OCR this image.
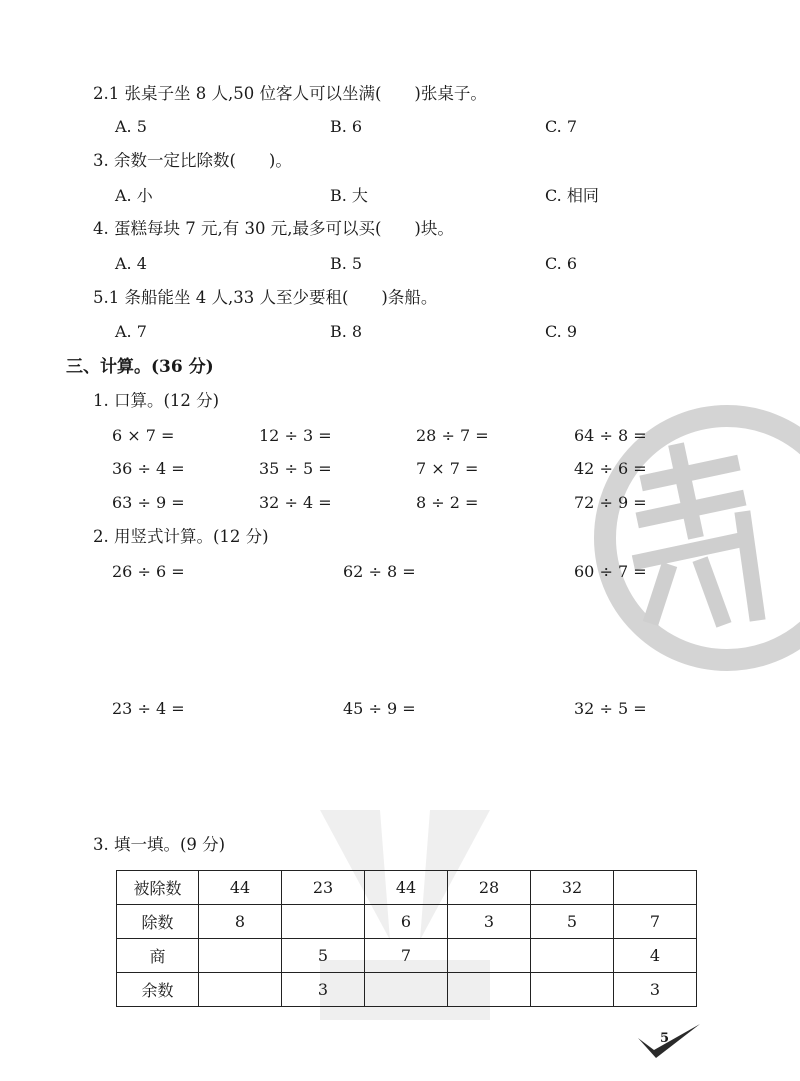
2.1 张桌子坐 8 人,50 位客人可以坐满(　　)张桌子。
A. 5	B. 6	C. 7
3. 余数一定比除数(　　)。
A. 小	B. 大	C. 相同
4. 蛋糕每块 7 元,有 30 元,最多可以买(　　)块。
A. 4	B. 5	C. 6
5.1 条船能坐 4 人,33 人至少要租(　　)条船。
A. 7	B. 8	C. 9
三、计算。(36 分)
1. 口算。(12 分)
6 × 7 =	12 ÷ 3 =	28 ÷ 7 =	64 ÷ 8 =
36 ÷ 4 =	35 ÷ 5 =	7 × 7 =	42 ÷ 6 =
63 ÷ 9 =	32 ÷ 4 =	8 ÷ 2 =	72 ÷ 9 =
2. 用竖式计算。(12 分)
26 ÷ 6 =	62 ÷ 8 =	60 ÷ 7 =
23 ÷ 4 =	45 ÷ 9 =	32 ÷ 5 =
3. 填一填。(9 分)
被除数	44	23	44	28	32	
除数	8		6	3	5	7
商		5	7			4
余数		3				3
5
